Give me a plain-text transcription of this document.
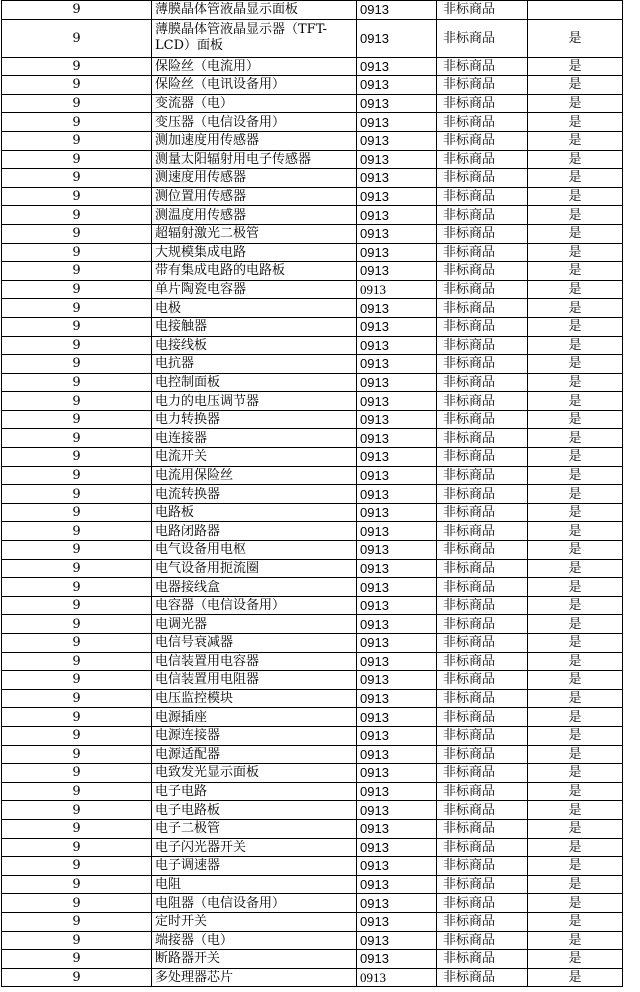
9	薄膜晶体管液晶显示面板	0913	非标商品	
9	薄膜晶体管液晶显示器（TFT-LCD）面板	0913	非标商品	是
9	保险丝（电流用）	0913	非标商品	是
9	保险丝（电讯设备用）	0913	非标商品	是
9	变流器（电）	0913	非标商品	是
9	变压器（电信设备用）	0913	非标商品	是
9	测加速度用传感器	0913	非标商品	是
9	测量太阳辐射用电子传感器	0913	非标商品	是
9	测速度用传感器	0913	非标商品	是
9	测位置用传感器	0913	非标商品	是
9	测温度用传感器	0913	非标商品	是
9	超辐射激光二极管	0913	非标商品	是
9	大规模集成电路	0913	非标商品	是
9	带有集成电路的电路板	0913	非标商品	是
9	单片陶瓷电容器	0913	非标商品	是
9	电极	0913	非标商品	是
9	电接触器	0913	非标商品	是
9	电接线板	0913	非标商品	是
9	电抗器	0913	非标商品	是
9	电控制面板	0913	非标商品	是
9	电力的电压调节器	0913	非标商品	是
9	电力转换器	0913	非标商品	是
9	电连接器	0913	非标商品	是
9	电流开关	0913	非标商品	是
9	电流用保险丝	0913	非标商品	是
9	电流转换器	0913	非标商品	是
9	电路板	0913	非标商品	是
9	电路闭路器	0913	非标商品	是
9	电气设备用电枢	0913	非标商品	是
9	电气设备用扼流圈	0913	非标商品	是
9	电器接线盒	0913	非标商品	是
9	电容器（电信设备用）	0913	非标商品	是
9	电调光器	0913	非标商品	是
9	电信号衰减器	0913	非标商品	是
9	电信装置用电容器	0913	非标商品	是
9	电信装置用电阻器	0913	非标商品	是
9	电压监控模块	0913	非标商品	是
9	电源插座	0913	非标商品	是
9	电源连接器	0913	非标商品	是
9	电源适配器	0913	非标商品	是
9	电致发光显示面板	0913	非标商品	是
9	电子电路	0913	非标商品	是
9	电子电路板	0913	非标商品	是
9	电子二极管	0913	非标商品	是
9	电子闪光器开关	0913	非标商品	是
9	电子调速器	0913	非标商品	是
9	电阻	0913	非标商品	是
9	电阻器（电信设备用）	0913	非标商品	是
9	定时开关	0913	非标商品	是
9	端接器（电）	0913	非标商品	是
9	断路器开关	0913	非标商品	是
9	多处理器芯片	0913	非标商品	是
